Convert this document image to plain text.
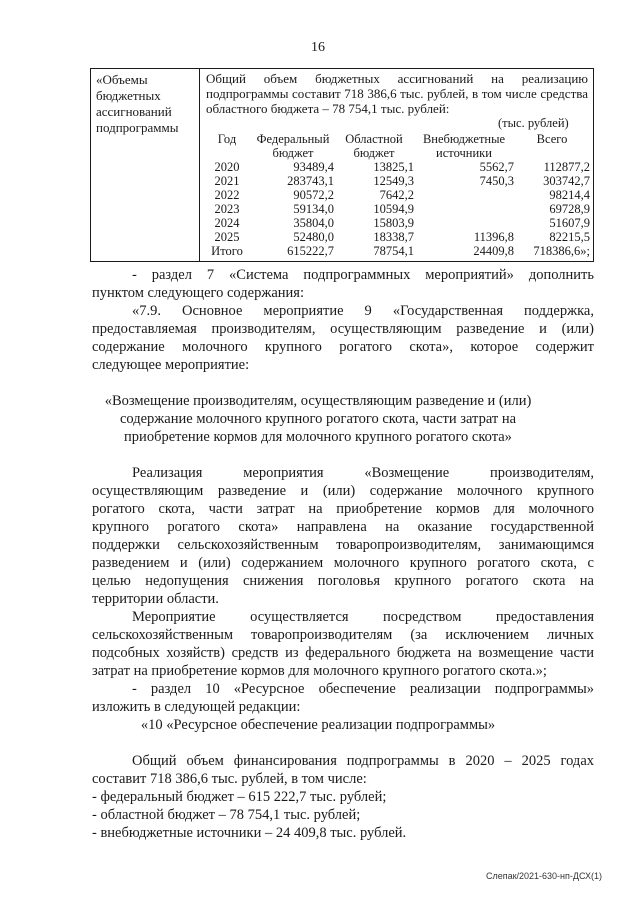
16
«Объемы
бюджетных
ассигнований
подпрограммы
Общий объем бюджетных ассигнований на реализацию подпрограммы составит 718 386,6 тыс. рублей, в том числе средства областного бюджета – 78 754,1 тыс. рублей:
(тыс. рублей)
Год	Федеральный бюджет	Областной бюджет	Внебюджетные источники	Всего
2020	93489,4	13825,1	5562,7	112877,2
2021	283743,1	12549,3	7450,3	303742,7
2022	90572,2	7642,2		98214,4
2023	59134,0	10594,9		69728,9
2024	35804,0	15803,9		51607,9
2025	52480,0	18338,7	11396,8	82215,5
Итого	615222,7	78754,1	24409,8	718386,6»;
- раздел 7 «Система подпрограммных мероприятий» дополнить
пунктом следующего содержания:
«7.9. Основное мероприятие 9 «Государственная поддержка,
предоставляемая производителям, осуществляющим разведение и (или)
содержание молочного крупного рогатого скота», которое содержит
следующее мероприятие:
«Возмещение производителям, осуществляющим разведение и (или)
содержание молочного крупного рогатого скота, части затрат на
приобретение кормов для молочного крупного рогатого скота»
Реализация мероприятия «Возмещение производителям,
осуществляющим разведение и (или) содержание молочного крупного
рогатого скота, части затрат на приобретение кормов для молочного
крупного рогатого скота» направлена на оказание государственной
поддержки сельскохозяйственным товаропроизводителям, занимающимся
разведением и (или) содержанием молочного крупного рогатого скота, с
целью недопущения снижения поголовья крупного рогатого скота на
территории области.
Мероприятие осуществляется посредством предоставления
сельскохозяйственным товаропроизводителям (за исключением личных
подсобных хозяйств) средств из федерального бюджета на возмещение части
затрат на приобретение кормов для молочного крупного рогатого скота.»;
- раздел 10 «Ресурсное обеспечение реализации подпрограммы»
изложить в следующей редакции:
«10 «Ресурсное обеспечение реализации подпрограммы»
Общий объем финансирования подпрограммы в 2020 – 2025 годах
составит 718 386,6 тыс. рублей, в том числе:
- федеральный бюджет – 615 222,7 тыс. рублей;
- областной бюджет – 78 754,1 тыс. рублей;
- внебюджетные источники – 24 409,8 тыс. рублей.
Слепак/2021-630-нп-ДСХ(1)
